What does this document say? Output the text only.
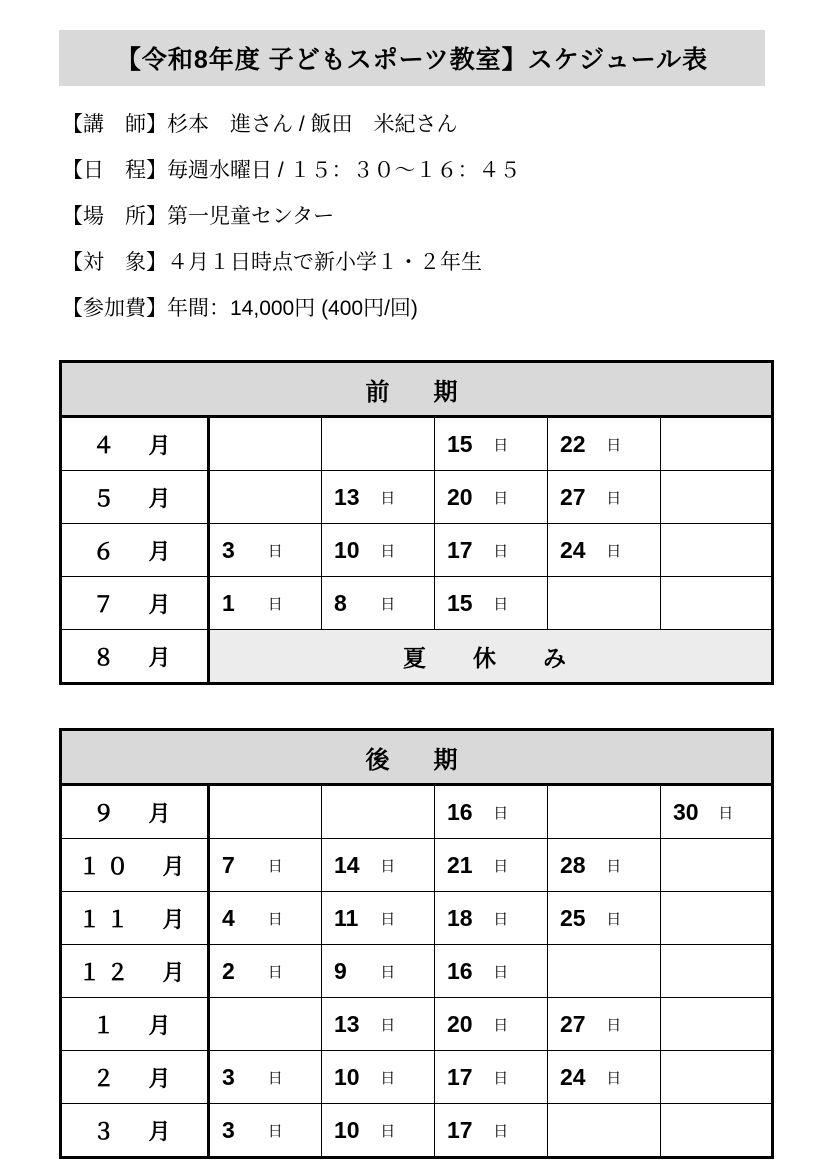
【令和8年度 子どもスポーツ教室】スケジュール表
【講　師】 杉本　進さん / 飯田　米紀さん
【日　程】 毎週水曜日 / １５：３０〜１６：４５
【場　所】 第一児童センター
【対　象】 ４月１日時点で新小学１・２年生
【参加費】 年間：14,000円 (400円/回)
前　期					
４　月			15 日	22 日	
５　月		13 日	20 日	27 日	
６　月	3 日	10 日	17 日	24 日	
７　月	1 日	8 日	15 日		
８　月	夏　休　み				
後　期					
９　月			16 日		30 日
１０　月	7 日	14 日	21 日	28 日	
１１　月	4 日	11 日	18 日	25 日	
１２　月	2 日	9 日	16 日		
１　月		13 日	20 日	27 日	
２　月	3 日	10 日	17 日	24 日	
３　月	3 日	10 日	17 日		
